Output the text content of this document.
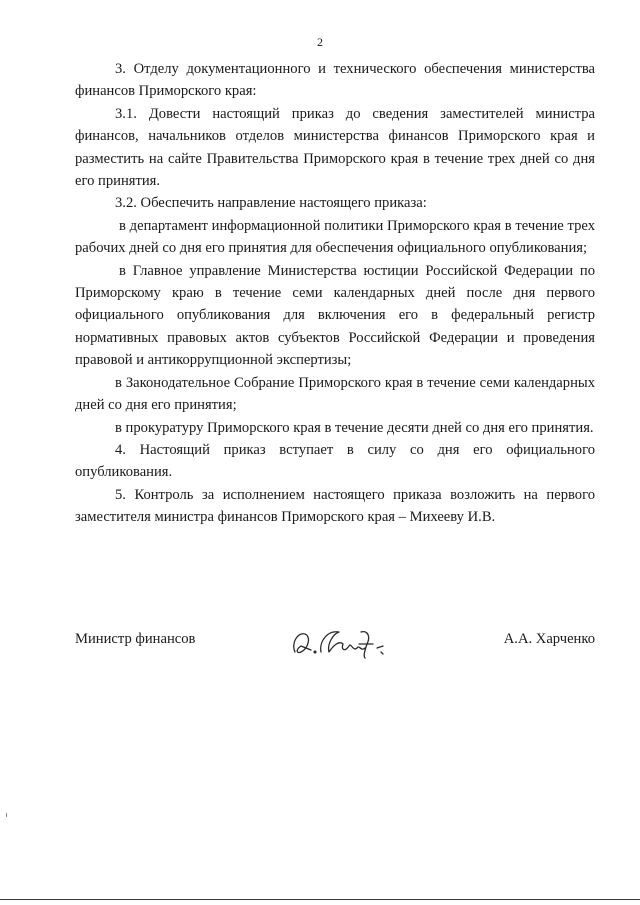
2

3. Отделу документационного и технического обеспечения министерства финансов Приморского края:

3.1. Довести настоящий приказ до сведения заместителей министра финансов, начальников отделов министерства финансов Приморского края и разместить на сайте Правительства Приморского края в течение трех дней со дня его принятия.

3.2. Обеспечить направление настоящего приказа:

в департамент информационной политики Приморского края в течение трех рабочих дней со дня его принятия для обеспечения официального опубликования;

в Главное управление Министерства юстиции Российской Федерации по Приморскому краю в течение семи календарных дней после дня первого официального опубликования для включения его в федеральный регистр нормативных правовых актов субъектов Российской Федерации и проведения правовой и антикоррупционной экспертизы;

в Законодательное Собрание Приморского края в течение семи календарных дней со дня его принятия;

в прокуратуру Приморского края в течение десяти дней со дня его принятия.

4. Настоящий приказ вступает в силу со дня его официального опубликования.

5. Контроль за исполнением настоящего приказа возложить на первого заместителя министра финансов Приморского края – Михееву И.В.

Министр финансов	А.А. Харченко
